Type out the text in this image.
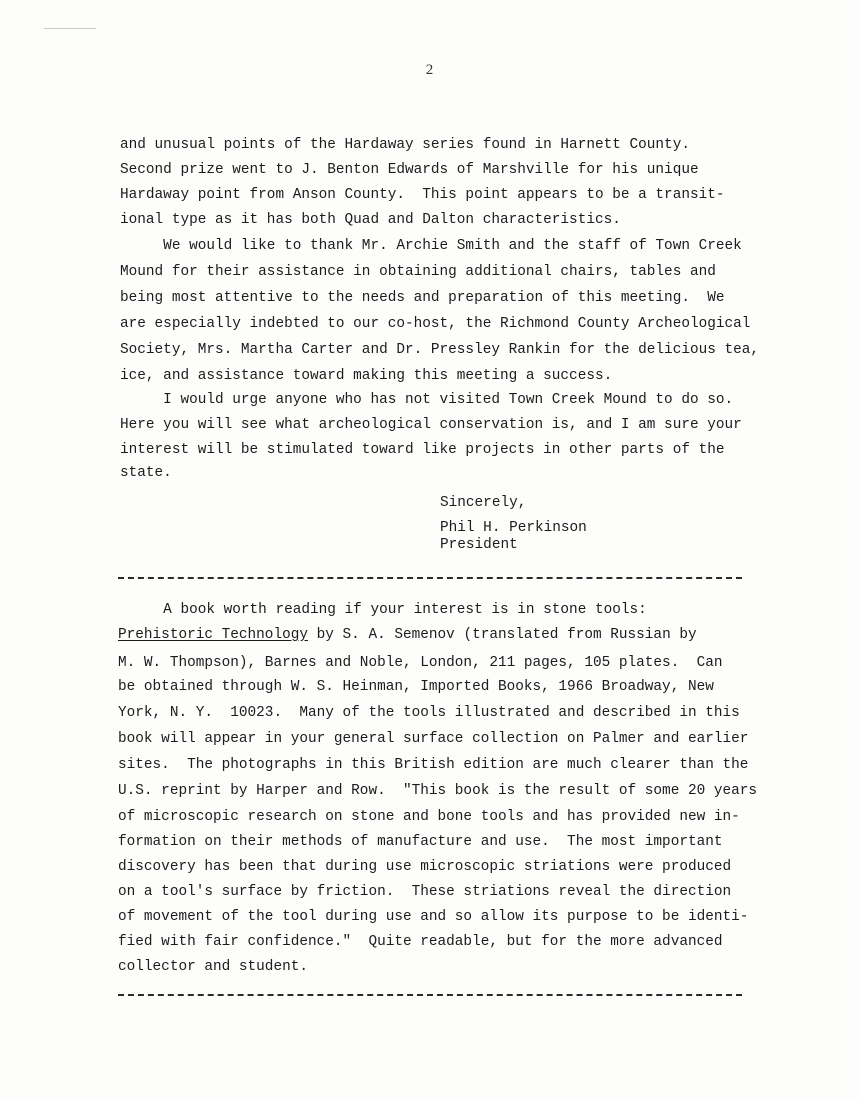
2
and unusual points of the Hardaway series found in Harnett County.
Second prize went to J. Benton Edwards of Marshville for his unique
Hardaway point from Anson County.  This point appears to be a transit-
ional type as it has both Quad and Dalton characteristics.
We would like to thank Mr. Archie Smith and the staff of Town Creek
Mound for their assistance in obtaining additional chairs, tables and
being most attentive to the needs and preparation of this meeting.  We
are especially indebted to our co-host, the Richmond County Archeological
Society, Mrs. Martha Carter and Dr. Pressley Rankin for the delicious tea,
ice, and assistance toward making this meeting a success.
I would urge anyone who has not visited Town Creek Mound to do so.
Here you will see what archeological conservation is, and I am sure your
interest will be stimulated toward like projects in other parts of the
state.
Sincerely,
Phil H. Perkinson
President
A book worth reading if your interest is in stone tools:
Prehistoric Technology by S. A. Semenov (translated from Russian by
M. W. Thompson), Barnes and Noble, London, 211 pages, 105 plates.  Can
be obtained through W. S. Heinman, Imported Books, 1966 Broadway, New
York, N. Y.  10023.  Many of the tools illustrated and described in this
book will appear in your general surface collection on Palmer and earlier
sites.  The photographs in this British edition are much clearer than the
U.S. reprint by Harper and Row.  "This book is the result of some 20 years
of microscopic research on stone and bone tools and has provided new in-
formation on their methods of manufacture and use.  The most important
discovery has been that during use microscopic striations were produced
on a tool's surface by friction.  These striations reveal the direction
of movement of the tool during use and so allow its purpose to be identi-
fied with fair confidence."  Quite readable, but for the more advanced
collector and student.
